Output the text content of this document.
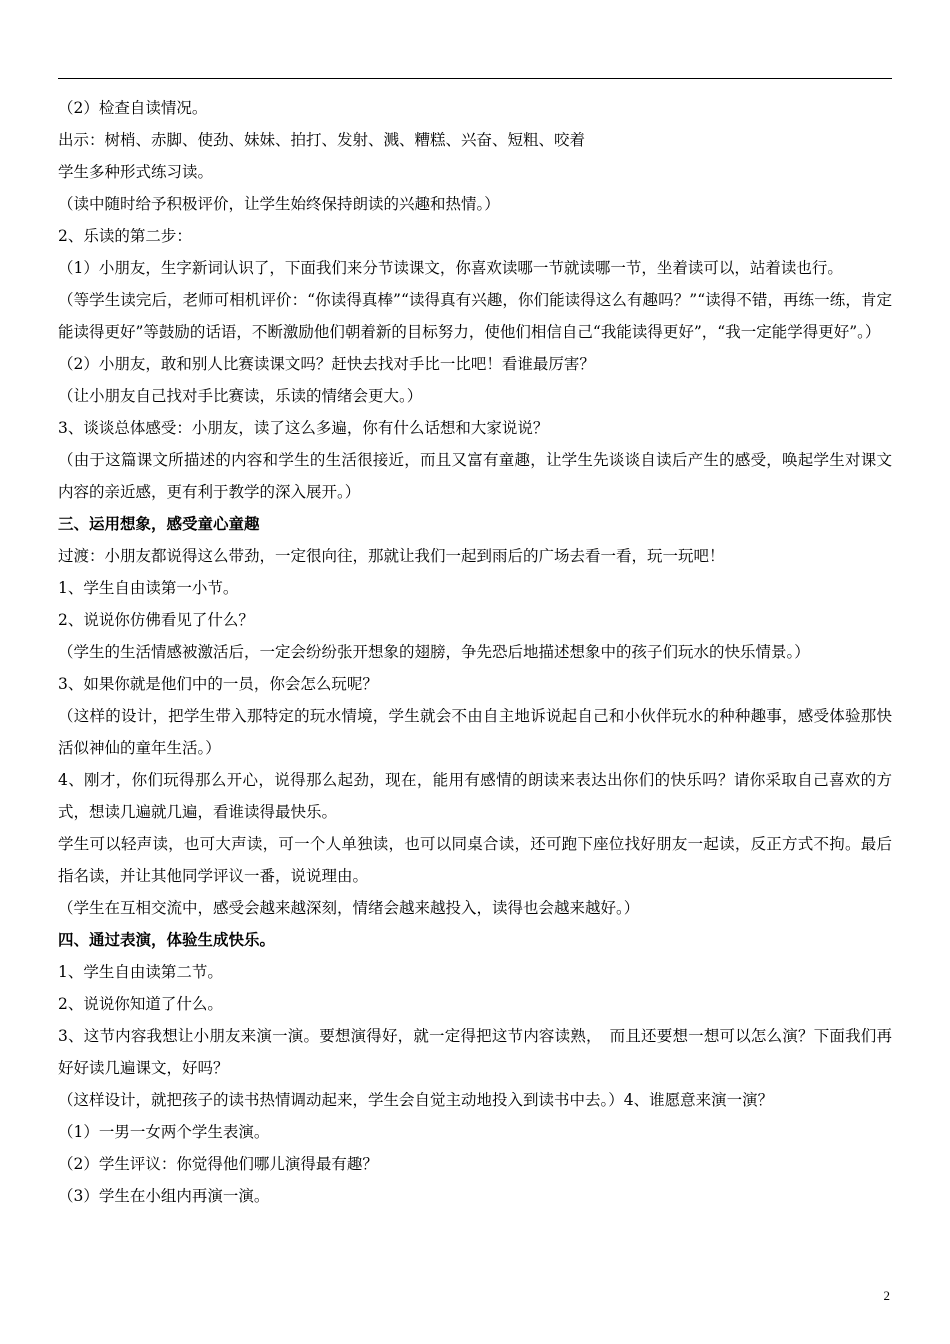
（2）检查自读情况。

出示：树梢、赤脚、使劲、妹妹、拍打、发射、溅、糟糕、兴奋、短粗、咬着

学生多种形式练习读。

（读中随时给予积极评价，让学生始终保持朗读的兴趣和热情。）

2、乐读的第二步：

（1）小朋友，生字新词认识了，下面我们来分节读课文，你喜欢读哪一节就读哪一节，坐着读可以，站着读也行。

（等学生读完后，老师可相机评价：“你读得真棒”“读得真有兴趣，你们能读得这么有趣吗？”“读得不错，再练一练，肯定能读得更好”等鼓励的话语，不断激励他们朝着新的目标努力，使他们相信自己“我能读得更好”，“我一定能学得更好”。）

（2）小朋友，敢和别人比赛读课文吗？赶快去找对手比一比吧！看谁最厉害？

（让小朋友自己找对手比赛读，乐读的情绪会更大。）

3、谈谈总体感受：小朋友，读了这么多遍，你有什么话想和大家说说？

（由于这篇课文所描述的内容和学生的生活很接近，而且又富有童趣，让学生先谈谈自读后产生的感受，唤起学生对课文内容的亲近感，更有利于教学的深入展开。）

三、运用想象，感受童心童趣

过渡：小朋友都说得这么带劲，一定很向往，那就让我们一起到雨后的广场去看一看，玩一玩吧！

1、学生自由读第一小节。

2、说说你仿佛看见了什么？

（学生的生活情感被激活后，一定会纷纷张开想象的翅膀，争先恐后地描述想象中的孩子们玩水的快乐情景。）

3、如果你就是他们中的一员，你会怎么玩呢？

（这样的设计，把学生带入那特定的玩水情境，学生就会不由自主地诉说起自己和小伙伴玩水的种种趣事，感受体验那快活似神仙的童年生活。）

4、刚才，你们玩得那么开心，说得那么起劲，现在，能用有感情的朗读来表达出你们的快乐吗？请你采取自己喜欢的方式，想读几遍就几遍，看谁读得最快乐。

学生可以轻声读，也可大声读，可一个人单独读，也可以同桌合读，还可跑下座位找好朋友一起读，反正方式不拘。最后指名读，并让其他同学评议一番，说说理由。

（学生在互相交流中，感受会越来越深刻，情绪会越来越投入，读得也会越来越好。）

四、通过表演，体验生成快乐。

1、学生自由读第二节。

2、说说你知道了什么。

3、这节内容我想让小朋友来演一演。要想演得好，就一定得把这节内容读熟，　而且还要想一想可以怎么演？下面我们再好好读几遍课文，好吗？

（这样设计，就把孩子的读书热情调动起来，学生会自觉主动地投入到读书中去。）4、谁愿意来演一演？

（1）一男一女两个学生表演。

（2）学生评议：你觉得他们哪儿演得最有趣？

（3）学生在小组内再演一演。

2
